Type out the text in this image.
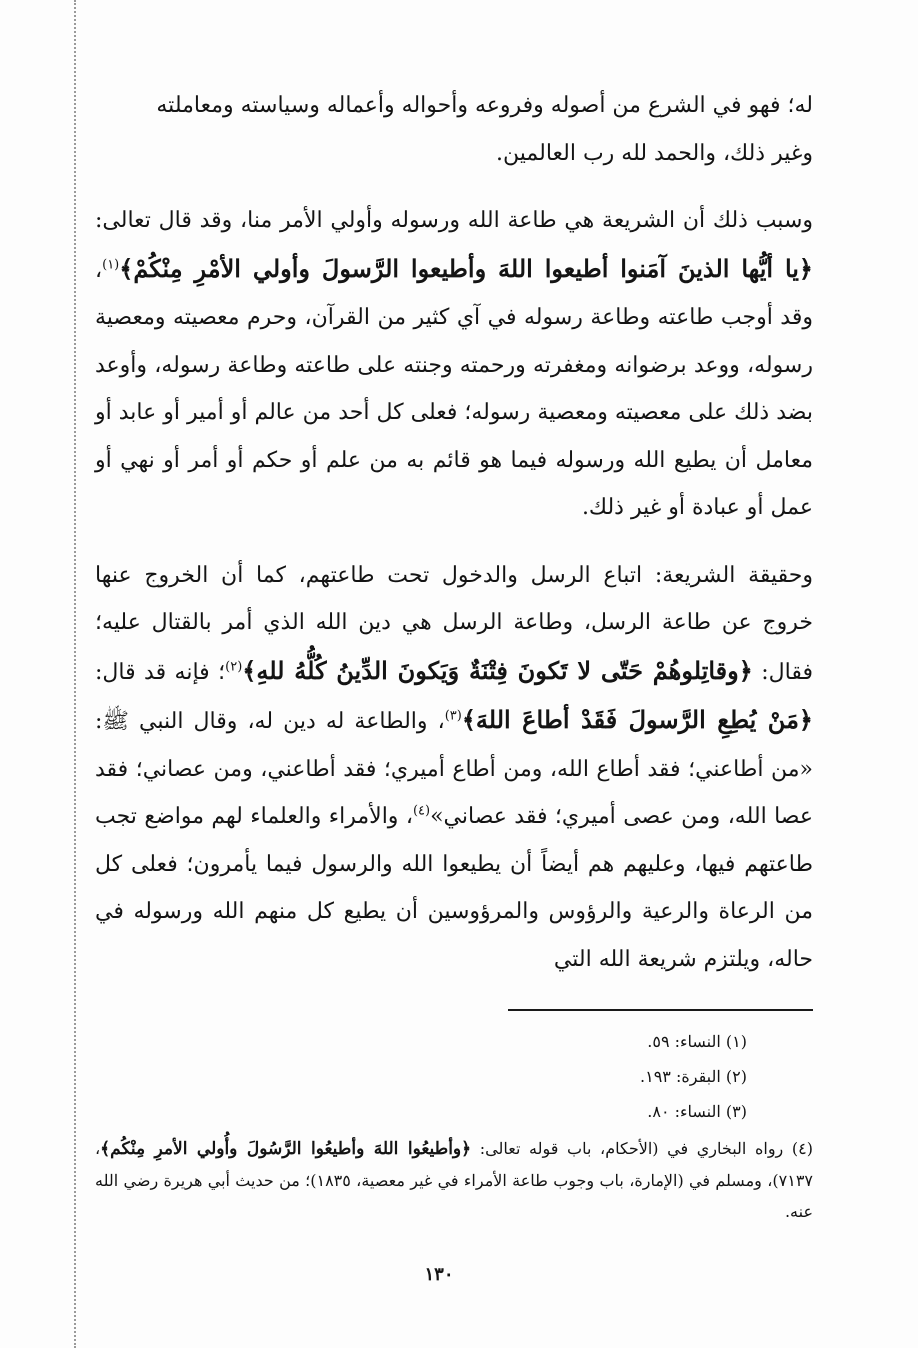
له؛ فهو في الشرع من أصوله وفروعه وأحواله وأعماله وسياسته ومعاملته
وغير ذلك، والحمد لله رب العالمين.

وسبب ذلك أن الشريعة هي طاعة الله ورسوله وأولي الأمر منا، وقد قال تعالى: ﴿يا أيُّها الذينَ آمَنوا أطيعوا اللهَ وأطيعوا الرَّسولَ وأولي الأمْرِ مِنْكُمْ﴾$^{(١)}$، وقد أوجب طاعته وطاعة رسوله في آي كثير من القرآن، وحرم معصيته ومعصية رسوله، ووعد برضوانه ومغفرته ورحمته وجنته على طاعته وطاعة رسوله، وأوعد بضد ذلك على معصيته ومعصية رسوله؛ فعلى كل أحد من عالم أو أمير أو عابد أو معامل أن يطيع الله ورسوله فيما هو قائم به من علم أو حكم أو أمر أو نهي أو عمل أو عبادة أو غير ذلك.

وحقيقة الشريعة: اتباع الرسل والدخول تحت طاعتهم، كما أن الخروج عنها خروج عن طاعة الرسل، وطاعة الرسل هي دين الله الذي أمر بالقتال عليه؛ فقال: ﴿وقاتِلوهُمْ حَتّى لا تَكونَ فِتْنَةٌ وَيَكونَ الدِّينُ كُلُّهُ للهِ﴾$^{(٢)}$؛ فإنه قد قال: ﴿مَنْ يُطِعِ الرَّسولَ فَقَدْ أطاعَ اللهَ﴾$^{(٣)}$، والطاعة له دين له، وقال النبي ﷺ: «من أطاعني؛ فقد أطاع الله، ومن أطاع أميري؛ فقد أطاعني، ومن عصاني؛ فقد عصا الله، ومن عصى أميري؛ فقد عصاني»$^{(٤)}$، والأمراء والعلماء لهم مواضع تجب طاعتهم فيها، وعليهم هم أيضاً أن يطيعوا الله والرسول فيما يأمرون؛ فعلى كل من الرعاة والرعية والرؤوس والمرؤوسين أن يطيع كل منهم الله ورسوله في حاله، ويلتزم شريعة الله التي

(١) النساء: ٥٩.

(٢) البقرة: ١٩٣.

(٣) النساء: ٨٠.

(٤) رواه البخاري في (الأحكام، باب قوله تعالى: ﴿وأطيعُوا اللهَ وأطيعُوا الرَّسُولَ وأُولي الأمرِ مِنْكُم﴾، ٧١٣٧)، ومسلم في (الإمارة، باب وجوب طاعة الأمراء في غير معصية، ١٨٣٥)؛ من حديث أبي هريرة رضي الله عنه.

١٣٠
